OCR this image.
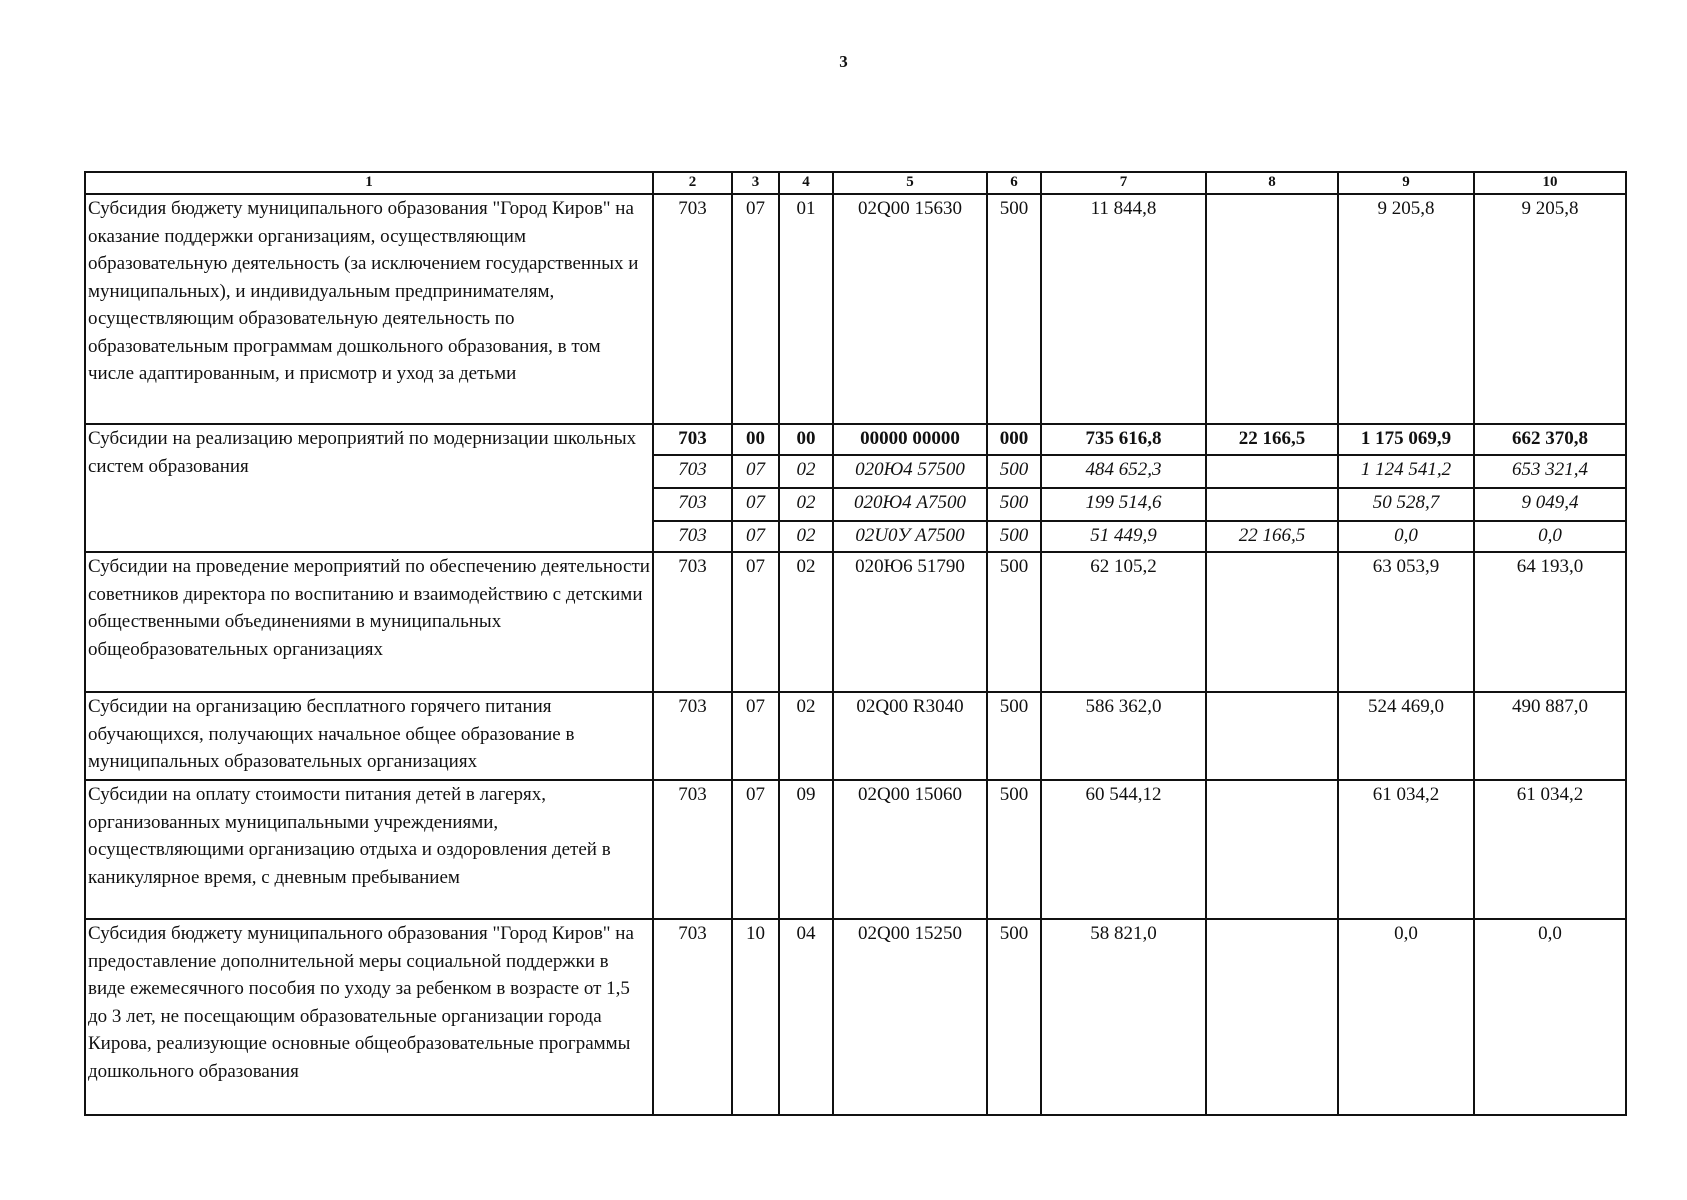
3
1	2	3	4	5	6	7	8	9	10
Субсидия бюджету муниципального образования "Город Киров" на оказание поддержки организациям, осуществляющим образовательную деятельность (за исключением государственных и муниципальных), и индивидуальным предпринимателям, осуществляющим образовательную деятельность по образовательным программам дошкольного образования, в том числе адаптированным, и присмотр и уход за детьми	703	07	01	02Q00 15630	500	11 844,8		9 205,8	9 205,8
Субсидии на реализацию мероприятий по модернизации школьных систем образования	703	00	00	00000 00000	000	735 616,8	22 166,5	1 175 069,9	662 370,8
	703	07	02	020Ю4 57500	500	484 652,3		1 124 541,2	653 321,4
	703	07	02	020Ю4 А7500	500	199 514,6		50 528,7	9 049,4
	703	07	02	02U0У А7500	500	51 449,9	22 166,5	0,0	0,0
Субсидии на проведение мероприятий по обеспечению деятельности советников директора по воспитанию и взаимодействию с детскими общественными объединениями в муниципальных общеобразовательных организациях	703	07	02	020Ю6 51790	500	62 105,2		63 053,9	64 193,0
Субсидии на организацию бесплатного горячего питания обучающихся, получающих начальное общее образование в муниципальных образовательных организациях	703	07	02	02Q00 R3040	500	586 362,0		524 469,0	490 887,0
Субсидии на оплату стоимости питания детей в лагерях, организованных муниципальными учреждениями, осуществляющими организацию отдыха и оздоровления детей в каникулярное время, с дневным пребыванием	703	07	09	02Q00 15060	500	60 544,12		61 034,2	61 034,2
Субсидия бюджету муниципального образования "Город Киров" на предоставление дополнительной меры социальной поддержки в виде ежемесячного пособия по уходу за ребенком в возрасте от 1,5 до 3 лет, не посещающим образовательные организации города Кирова, реализующие основные общеобразовательные программы дошкольного образования	703	10	04	02Q00 15250	500	58 821,0		0,0	0,0
